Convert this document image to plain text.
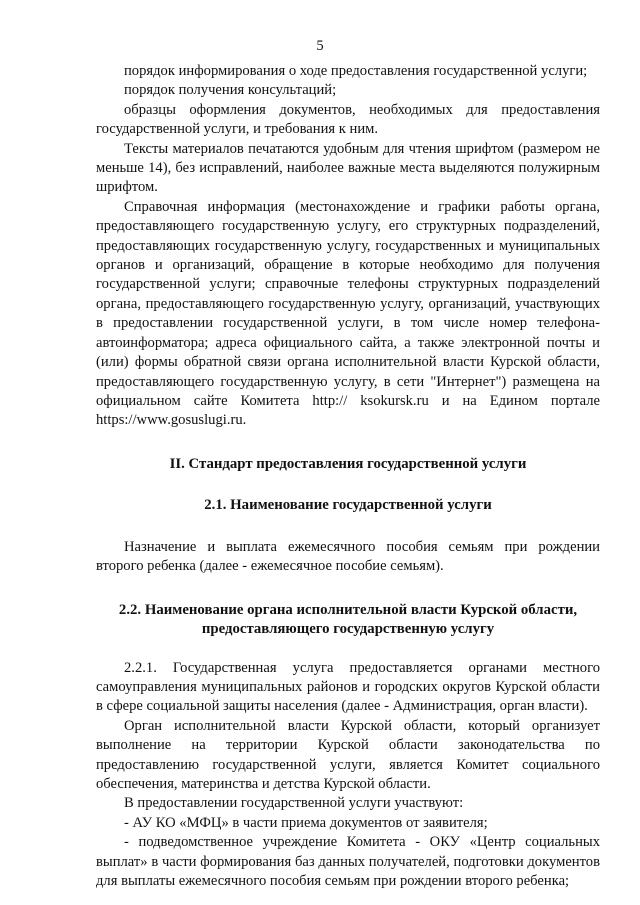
5

порядок информирования о ходе предоставления государственной услуги;

порядок получения консультаций;

образцы оформления документов, необходимых для предоставления государственной услуги, и требования к ним.

Тексты материалов печатаются удобным для чтения шрифтом (размером не меньше 14), без исправлений, наиболее важные места выделяются полужирным шрифтом.

Справочная информация (местонахождение и графики работы органа, предоставляющего государственную услугу, его структурных подразделений, предоставляющих государственную услугу, государственных и муниципальных органов и организаций, обращение в которые необходимо для получения государственной услуги; справочные телефоны структурных подразделений органа, предоставляющего государственную услугу, организаций, участвующих в предоставлении государственной услуги, в том числе номер телефона-автоинформатора; адреса официального сайта, а также электронной почты и (или) формы обратной связи органа исполнительной власти Курской области, предоставляющего государственную услугу, в сети "Интернет") размещена на официальном сайте Комитета http:// ksokursk.ru и на Едином портале https://www.gosuslugi.ru.

II. Стандарт предоставления государственной услуги
2.1. Наименование государственной услуги

Назначение и выплата ежемесячного пособия семьям при рождении второго ребенка (далее - ежемесячное пособие семьям).

2.2. Наименование органа исполнительной власти Курской области,
предоставляющего государственную услугу

2.2.1. Государственная услуга предоставляется органами местного самоуправления муниципальных районов и городских округов Курской области в сфере социальной защиты населения (далее - Администрация, орган власти).

Орган исполнительной власти Курской области, который организует выполнение на территории Курской области законодательства по предоставлению государственной услуги, является Комитет социального обеспечения, материнства и детства Курской области.

В предоставлении государственной услуги участвуют:

- АУ КО «МФЦ» в части приема документов от заявителя;

- подведомственное учреждение Комитета - ОКУ «Центр социальных выплат» в части формирования баз данных получателей, подготовки документов для выплаты ежемесячного пособия семьям при рождении второго ребенка;
